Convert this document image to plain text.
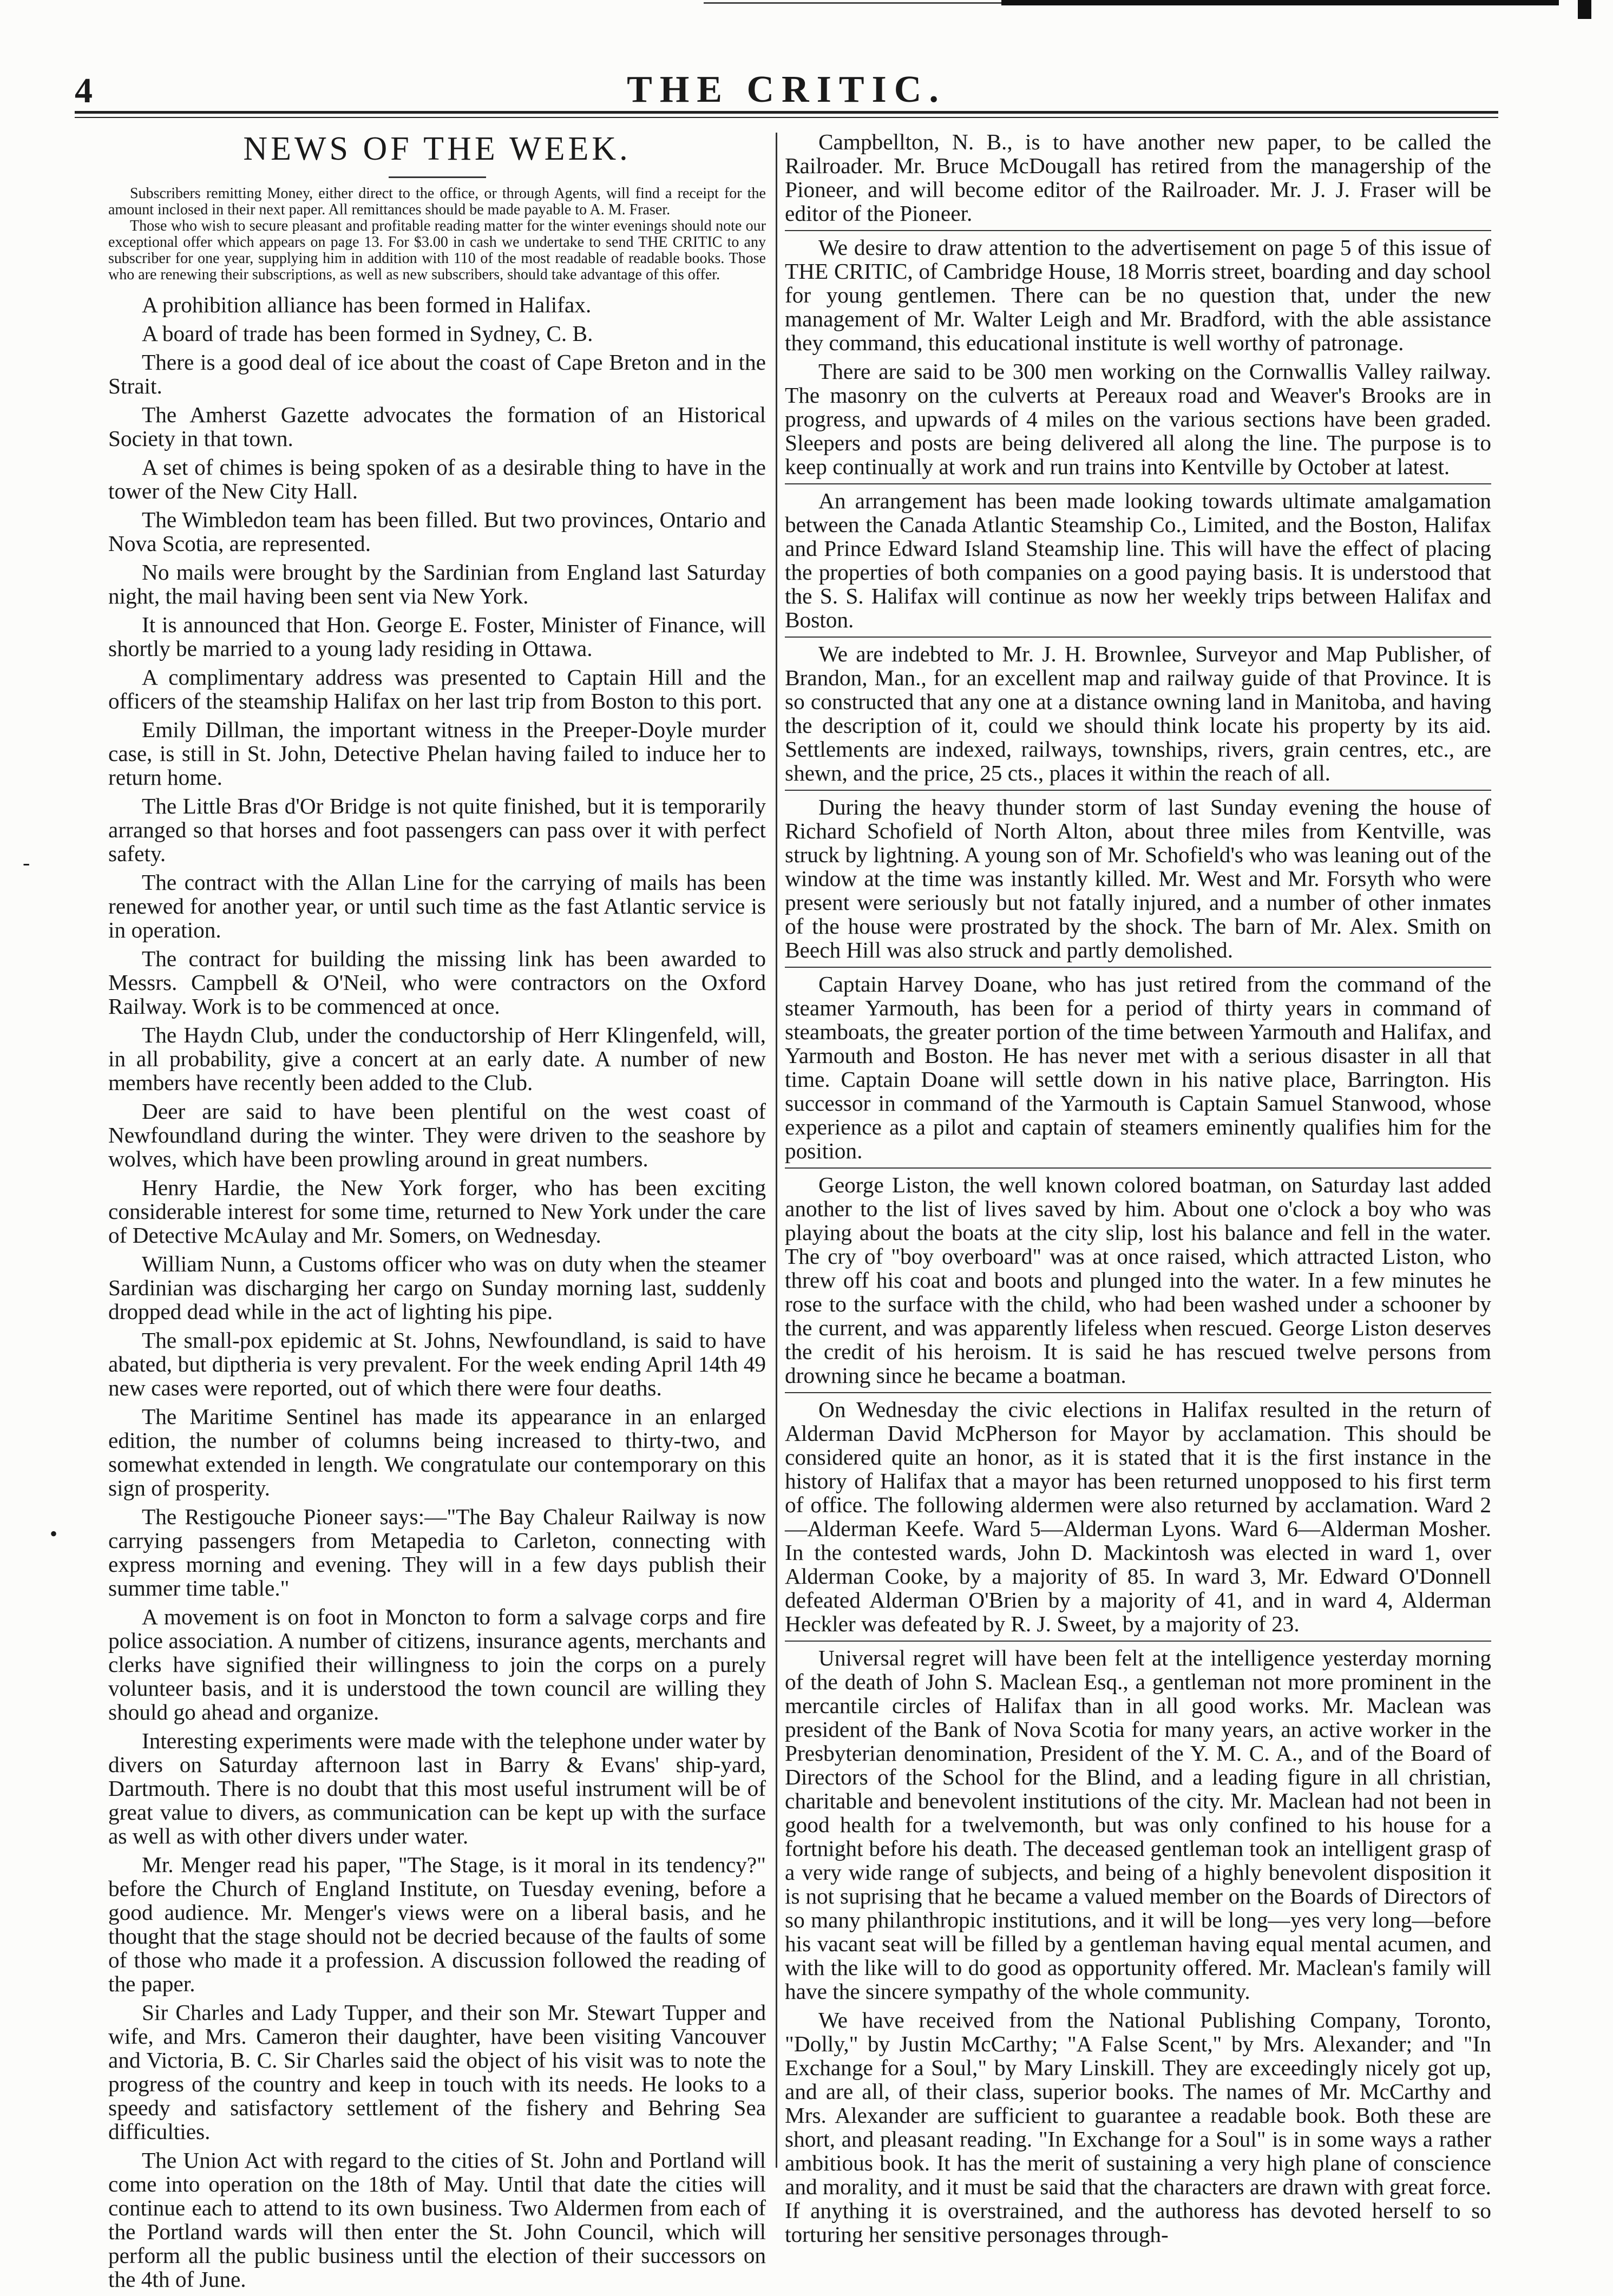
4	THE CRITIC.
-
•
NEWS OF THE WEEK.

Subscribers remitting Money, either direct to the office, or through Agents, will find a receipt for the amount inclosed in their next paper. All remittances should be made payable to A. M. Fraser.

Those who wish to secure pleasant and profitable reading matter for the winter evenings should note our exceptional offer which appears on page 13. For $3.00 in cash we undertake to send THE CRITIC to any subscriber for one year, supplying him in addition with 110 of the most readable of readable books. Those who are renewing their subscriptions, as well as new subscribers, should take advantage of this offer.

A prohibition alliance has been formed in Halifax.

A board of trade has been formed in Sydney, C. B.

There is a good deal of ice about the coast of Cape Breton and in the Strait.

The Amherst Gazette advocates the formation of an Historical Society in that town.

A set of chimes is being spoken of as a desirable thing to have in the tower of the New City Hall.

The Wimbledon team has been filled. But two provinces, Ontario and Nova Scotia, are represented.

No mails were brought by the Sardinian from England last Saturday night, the mail having been sent via New York.

It is announced that Hon. George E. Foster, Minister of Finance, will shortly be married to a young lady residing in Ottawa.

A complimentary address was presented to Captain Hill and the officers of the steamship Halifax on her last trip from Boston to this port.

Emily Dillman, the important witness in the Preeper-Doyle murder case, is still in St. John, Detective Phelan having failed to induce her to return home.

The Little Bras d'Or Bridge is not quite finished, but it is temporarily arranged so that horses and foot passengers can pass over it with perfect safety.

The contract with the Allan Line for the carrying of mails has been renewed for another year, or until such time as the fast Atlantic service is in operation.

The contract for building the missing link has been awarded to Messrs. Campbell & O'Neil, who were contractors on the Oxford Railway. Work is to be commenced at once.

The Haydn Club, under the conductorship of Herr Klingenfeld, will, in all probability, give a concert at an early date. A number of new members have recently been added to the Club.

Deer are said to have been plentiful on the west coast of Newfoundland during the winter. They were driven to the seashore by wolves, which have been prowling around in great numbers.

Henry Hardie, the New York forger, who has been exciting considerable interest for some time, returned to New York under the care of Detective McAulay and Mr. Somers, on Wednesday.

William Nunn, a Customs officer who was on duty when the steamer Sardinian was discharging her cargo on Sunday morning last, suddenly dropped dead while in the act of lighting his pipe.

The small-pox epidemic at St. Johns, Newfoundland, is said to have abated, but diptheria is very prevalent. For the week ending April 14th 49 new cases were reported, out of which there were four deaths.

The Maritime Sentinel has made its appearance in an enlarged edition, the number of columns being increased to thirty-two, and somewhat extended in length. We congratulate our contemporary on this sign of prosperity.

The Restigouche Pioneer says:—"The Bay Chaleur Railway is now carrying passengers from Metapedia to Carleton, connecting with express morning and evening. They will in a few days publish their summer time table."

A movement is on foot in Moncton to form a salvage corps and fire police association. A number of citizens, insurance agents, merchants and clerks have signified their willingness to join the corps on a purely volunteer basis, and it is understood the town council are willing they should go ahead and organize.

Interesting experiments were made with the telephone under water by divers on Saturday afternoon last in Barry & Evans' ship-yard, Dartmouth. There is no doubt that this most useful instrument will be of great value to divers, as communication can be kept up with the surface as well as with other divers under water.

Mr. Menger read his paper, "The Stage, is it moral in its tendency?" before the Church of England Institute, on Tuesday evening, before a good audience. Mr. Menger's views were on a liberal basis, and he thought that the stage should not be decried because of the faults of some of those who made it a profession. A discussion followed the reading of the paper.

Sir Charles and Lady Tupper, and their son Mr. Stewart Tupper and wife, and Mrs. Cameron their daughter, have been visiting Vancouver and Victoria, B. C. Sir Charles said the object of his visit was to note the progress of the country and keep in touch with its needs. He looks to a speedy and satisfactory settlement of the fishery and Behring Sea difficulties.

The Union Act with regard to the cities of St. John and Portland will come into operation on the 18th of May. Until that date the cities will continue each to attend to its own business. Two Aldermen from each of the Portland wards will then enter the St. John Council, which will perform all the public business until the election of their successors on the 4th of June.

Campbellton, N. B., is to have another new paper, to be called the Railroader. Mr. Bruce McDougall has retired from the managership of the Pioneer, and will become editor of the Railroader. Mr. J. J. Fraser will be editor of the Pioneer.

We desire to draw attention to the advertisement on page 5 of this issue of THE CRITIC, of Cambridge House, 18 Morris street, boarding and day school for young gentlemen. There can be no question that, under the new management of Mr. Walter Leigh and Mr. Bradford, with the able assistance they command, this educational institute is well worthy of patronage.

There are said to be 300 men working on the Cornwallis Valley railway. The masonry on the culverts at Pereaux road and Weaver's Brooks are in progress, and upwards of 4 miles on the various sections have been graded. Sleepers and posts are being delivered all along the line. The purpose is to keep continually at work and run trains into Kentville by October at latest.

An arrangement has been made looking towards ultimate amalgamation between the Canada Atlantic Steamship Co., Limited, and the Boston, Halifax and Prince Edward Island Steamship line. This will have the effect of placing the properties of both companies on a good paying basis. It is understood that the S. S. Halifax will continue as now her weekly trips between Halifax and Boston.

We are indebted to Mr. J. H. Brownlee, Surveyor and Map Publisher, of Brandon, Man., for an excellent map and railway guide of that Province. It is so constructed that any one at a distance owning land in Manitoba, and having the description of it, could we should think locate his property by its aid. Settlements are indexed, railways, townships, rivers, grain centres, etc., are shewn, and the price, 25 cts., places it within the reach of all.

During the heavy thunder storm of last Sunday evening the house of Richard Schofield of North Alton, about three miles from Kentville, was struck by lightning. A young son of Mr. Schofield's who was leaning out of the window at the time was instantly killed. Mr. West and Mr. Forsyth who were present were seriously but not fatally injured, and a number of other inmates of the house were prostrated by the shock. The barn of Mr. Alex. Smith on Beech Hill was also struck and partly demolished.

Captain Harvey Doane, who has just retired from the command of the steamer Yarmouth, has been for a period of thirty years in command of steamboats, the greater portion of the time between Yarmouth and Halifax, and Yarmouth and Boston. He has never met with a serious disaster in all that time. Captain Doane will settle down in his native place, Barrington. His successor in command of the Yarmouth is Captain Samuel Stanwood, whose experience as a pilot and captain of steamers eminently qualifies him for the position.

George Liston, the well known colored boatman, on Saturday last added another to the list of lives saved by him. About one o'clock a boy who was playing about the boats at the city slip, lost his balance and fell in the water. The cry of "boy overboard" was at once raised, which attracted Liston, who threw off his coat and boots and plunged into the water. In a few minutes he rose to the surface with the child, who had been washed under a schooner by the current, and was apparently lifeless when rescued. George Liston deserves the credit of his heroism. It is said he has rescued twelve persons from drowning since he became a boatman.

On Wednesday the civic elections in Halifax resulted in the return of Alderman David McPherson for Mayor by acclamation. This should be considered quite an honor, as it is stated that it is the first instance in the history of Halifax that a mayor has been returned unopposed to his first term of office. The following aldermen were also returned by acclamation. Ward 2—Alderman Keefe. Ward 5—Alderman Lyons. Ward 6—Alderman Mosher. In the contested wards, John D. Mackintosh was elected in ward 1, over Alderman Cooke, by a majority of 85. In ward 3, Mr. Edward O'Donnell defeated Alderman O'Brien by a majority of 41, and in ward 4, Alderman Heckler was defeated by R. J. Sweet, by a majority of 23.

Universal regret will have been felt at the intelligence yesterday morning of the death of John S. Maclean Esq., a gentleman not more prominent in the mercantile circles of Halifax than in all good works. Mr. Maclean was president of the Bank of Nova Scotia for many years, an active worker in the Presbyterian denomination, President of the Y. M. C. A., and of the Board of Directors of the School for the Blind, and a leading figure in all christian, charitable and benevolent institutions of the city. Mr. Maclean had not been in good health for a twelvemonth, but was only confined to his house for a fortnight before his death. The deceased gentleman took an intelligent grasp of a very wide range of subjects, and being of a highly benevolent disposition it is not suprising that he became a valued member on the Boards of Directors of so many philanthropic institutions, and it will be long—yes very long—before his vacant seat will be filled by a gentleman having equal mental acumen, and with the like will to do good as opportunity offered. Mr. Maclean's family will have the sincere sympathy of the whole community.

We have received from the National Publishing Company, Toronto, "Dolly," by Justin McCarthy; "A False Scent," by Mrs. Alexander; and "In Exchange for a Soul," by Mary Linskill. They are exceedingly nicely got up, and are all, of their class, superior books. The names of Mr. McCarthy and Mrs. Alexander are sufficient to guarantee a readable book. Both these are short, and pleasant reading. "In Exchange for a Soul" is in some ways a rather ambitious book. It has the merit of sustaining a very high plane of conscience and morality, and it must be said that the characters are drawn with great force. If anything it is overstrained, and the authoress has devoted herself to so torturing her sensitive personages through-
